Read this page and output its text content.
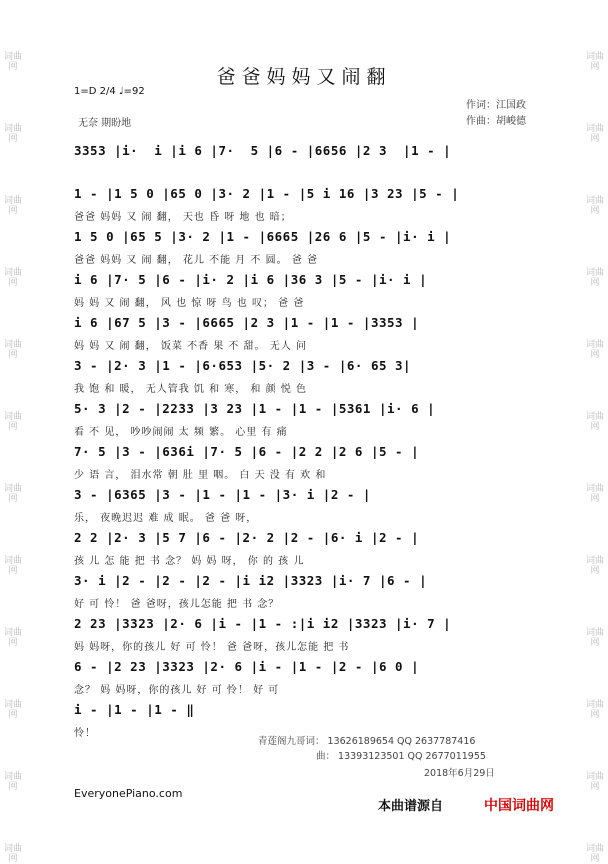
词曲网
词曲网
词曲网
词曲网
词曲网
词曲网
词曲网
词曲网
词曲网
词曲网
词曲网
词曲网
词曲网
词曲网
词曲网
词曲网
词曲网
词曲网
词曲网
词曲网
词曲网
词曲网
词曲网
词曲网
爸爸妈妈又闹翻
1=D 2/4 ♩=92
作词：江国政
作曲：胡峻德
无奈 期盼地
3353 |i·  i |i 6 |7·  5 |6 - |6656 |2 3  |1 - |
1 - |1 5 0 |65 0 |3· 2 |1 - |5 i 16 |3 23 |5 - |
爸爸 妈妈 又 闹 翻， 天也 昏 呀 地 也 暗；
1 5 0 |65 5 |3· 2 |1 - |6665 |26 6 |5 - |i· i |
爸爸 妈妈 又 闹 翻， 花儿 不能 月 不 圆。 爸 爸
i 6 |7· 5 |6 - |i· 2 |i 6 |36 3 |5 - |i· i |
妈 妈 又 闹 翻， 风 也 惊 呀 鸟 也 叹； 爸 爸
i 6 |67 5 |3 - |6665 |2 3 |1 - |1 - |3353 |
妈 妈 又 闹 翻， 饭菜 不香 果 不 甜。 无人 问
3 - |2· 3 |1 - |6·653 |5· 2 |3 - |6· 65 3|
我 饱 和 暖， 无人管我 饥 和 寒， 和 颜 悦 色
5· 3 |2 - |2233 |3 23 |1 - |1 - |5361 |i· 6 |
看 不 见， 吵吵闹闹 太 频 繁。 心里 有 痛
7· 5 |3 - |636i |7· 5 |6 - |2 2 |2 6 |5 - |
少 语 言， 泪水常 朝 肚 里 咽。 白 天 没 有 欢 和
3 - |6365 |3 - |1 - |1 - |3· i |2 - |
乐， 夜晚迟迟 难 成 眠。 爸 爸 呀，
2 2 |2· 3 |5 7 |6 - |2· 2 |2 - |6· i |2 - |
孩 儿 怎 能 把 书 念？ 妈 妈 呀， 你 的 孩 儿
3· i |2 - |2 - |2 - |i i2 |3323 |i· 7 |6 - |
好 可 怜！ 爸 爸呀，孩儿怎能 把 书 念？
2 23 |3323 |2· 6 |i - |1 - :|i i2 |3323 |i· 7 |
妈 妈呀，你的孩儿 好 可 怜！ 爸 爸呀，孩儿怎能 把 书
6 - |2 23 |3323 |2· 6 |i - |1 - |2 - |6 0 |
念？ 妈 妈呀，你的孩儿 好 可 怜！ 好 可
i - |1 - |1 - ‖
怜！
青莲阁九哥词： 13626189654 QQ 2637787416
曲： 13393123501 QQ 2677011955
2018年6月29日
EveryonePiano.com
本曲谱源自	中国词曲网
